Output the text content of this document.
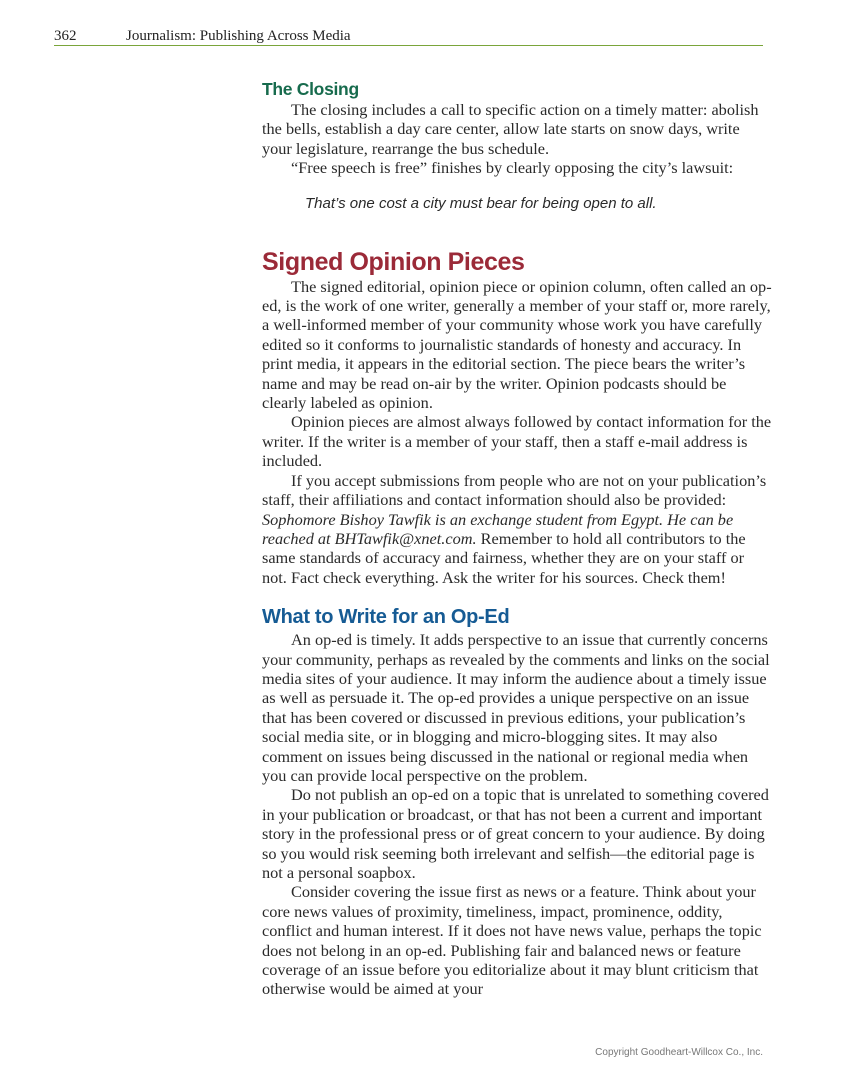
362	Journalism: Publishing Across Media
The Closing

The closing includes a call to specific action on a timely matter: abolish the bells, establish a day care center, allow late starts on snow days, write your legislature, rearrange the bus schedule.

“Free speech is free” finishes by clearly opposing the city’s lawsuit:

That’s one cost a city must bear for being open to all.
Signed Opinion Pieces

The signed editorial, opinion piece or opinion column, often called an op-ed, is the work of one writer, generally a member of your staff or, more rarely, a well-informed member of your community whose work you have carefully edited so it conforms to journalistic standards of honesty and accuracy. In print media, it appears in the editorial section. The piece bears the writer’s name and may be read on-air by the writer. Opinion podcasts should be clearly labeled as opinion.

Opinion pieces are almost always followed by contact information for the writer. If the writer is a member of your staff, then a staff e-mail address is included.

If you accept submissions from people who are not on your publication’s staff, their affiliations and contact information should also be provided: Sophomore Bishoy Tawfik is an exchange student from Egypt. He can be reached at BHTawfik@xnet.com. Remember to hold all contributors to the same standards of accuracy and fairness, whether they are on your staff or not. Fact check everything. Ask the writer for his sources. Check them!

What to Write for an Op-Ed

An op-ed is timely. It adds perspective to an issue that currently concerns your community, perhaps as revealed by the comments and links on the social media sites of your audience. It may inform the audience about a timely issue as well as persuade it. The op-ed provides a unique perspective on an issue that has been covered or discussed in previous editions, your publication’s social media site, or in blogging and micro-blogging sites. It may also comment on issues being discussed in the national or regional media when you can provide local perspective on the problem.

Do not publish an op-ed on a topic that is unrelated to something covered in your publication or broadcast, or that has not been a current and important story in the professional press or of great concern to your audience. By doing so you would risk seeming both irrelevant and selfish—the editorial page is not a personal soapbox.

Consider covering the issue first as news or a feature. Think about your core news values of proximity, timeliness, impact, prominence, oddity, conflict and human interest. If it does not have news value, perhaps the topic does not belong in an op-ed. Publishing fair and balanced news or feature coverage of an issue before you editorialize about it may blunt criticism that otherwise would be aimed at your

Copyright Goodheart-Willcox Co., Inc.
